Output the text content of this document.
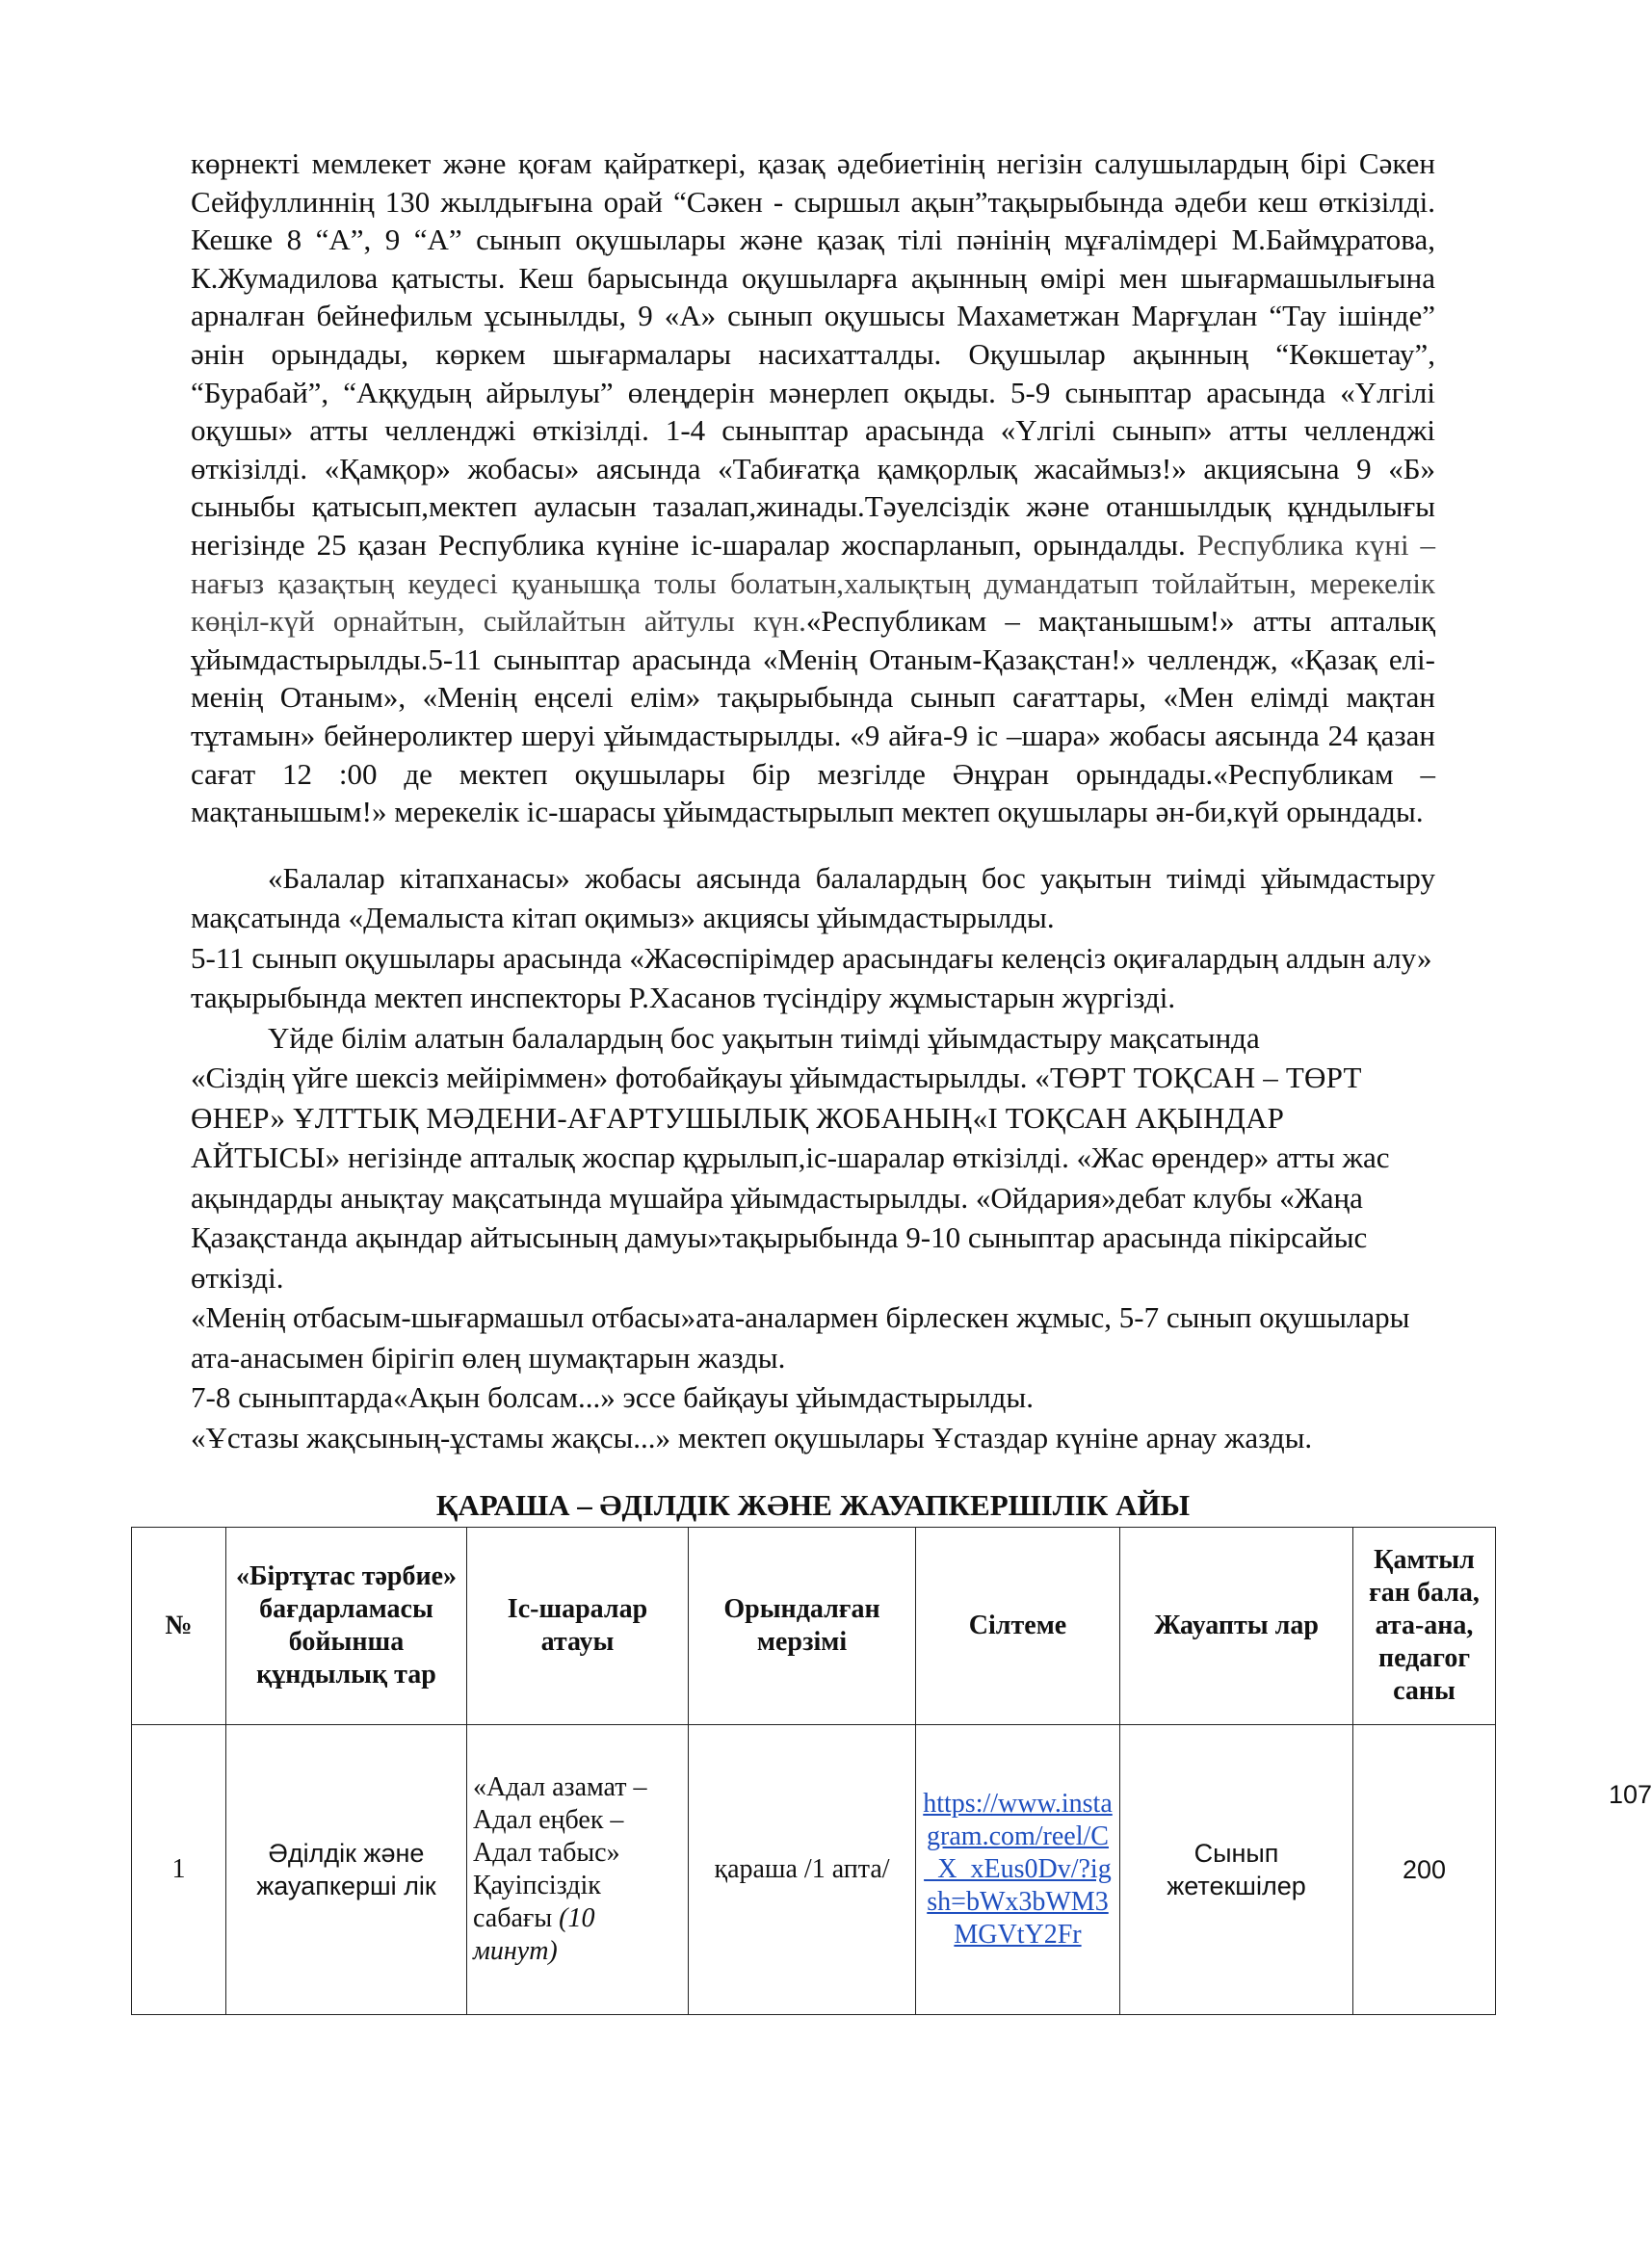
көрнекті мемлекет және қоғам қайраткері, қазақ әдебиетінің негізін салушылардың бірі Сәкен Сейфуллиннің 130 жылдығына орай “Сәкен - сыршыл ақын”тақырыбында әдеби кеш өткізілді. Кешке 8 “А”, 9 “А” сынып оқушылары және қазақ тілі пәнінің мұғалімдері М.Баймұратова, К.Жумадилова қатысты. Кеш барысында оқушыларға ақынның өмірі мен шығармашылығына арналған бейнефильм ұсынылды, 9 «А» сынып оқушысы Махаметжан Марғұлан “Тау ішінде” әнін орындады, көркем шығармалары насихатталды. Оқушылар ақынның “Көкшетау”, “Бурабай”, “Аққудың айрылуы” өлеңдерін мәнерлеп оқыды. 5-9 сыныптар арасында «Үлгілі оқушы» атты челленджі өткізілді. 1-4 сыныптар арасында «Үлгілі сынып» атты челленджі өткізілді. «Қамқор» жобасы» аясында «Табиғатқа қамқорлық жасаймыз!» акциясына 9 «Б» сыныбы қатысып,мектеп ауласын тазалап,жинады.Тәуелсіздік және отаншылдық құндылығы негізінде 25 қазан Республика күніне іс-шаралар жоспарланып, орындалды. Республика күні –нағыз қазақтың кеудесі қуанышқа толы болатын,халықтың думандатып тойлайтын, мерекелік көңіл-күй орнайтын, сыйлайтын айтулы күн.«Республикам – мақтанышым!» атты апталық ұйымдастырылды.5-11 сыныптар арасында «Менің Отаным-Қазақстан!» челлендж, «Қазақ елі-менің Отаным», «Менің еңселі елім» тақырыбында сынып сағаттары, «Мен елімді мақтан тұтамын» бейнероликтер шеруі ұйымдастырылды. «9 айға-9 іс –шара» жобасы аясында 24 қазан сағат 12 :00 де мектеп оқушылары бір мезгілде Әнұран орындады.«Республикам – мақтанышым!» мерекелік іс-шарасы ұйымдастырылып мектеп оқушылары ән-би,күй орындады.

«Балалар кітапханасы» жобасы аясында балалардың бос уақытын тиімді ұйымдастыру мақсатында «Демалыста кітап оқимыз» акциясы ұйымдастырылды.

5-11 сынып оқушылары арасында «Жасөспірімдер арасындағы келеңсіз оқиғалардың алдын алу» тақырыбында мектеп инспекторы Р.Хасанов түсіндіру жұмыстарын жүргізді.

Үйде білім алатын балалардың бос уақытын тиімді ұйымдастыру мақсатында

«Сіздің үйге шексіз мейіріммен» фотобайқауы ұйымдастырылды. «ТӨРТ ТОҚСАН – ТӨРТ ӨНЕР» ҰЛТТЫҚ МӘДЕНИ-АҒАРТУШЫЛЫҚ ЖОБАНЫҢ«І ТОҚСАН АҚЫНДАР АЙТЫСЫ» негізінде апталық жоспар құрылып,іс-шаралар өткізілді. «Жас өрендер» атты жас ақындарды анықтау мақсатында мүшайра ұйымдастырылды. «Ойдария»дебат клубы «Жаңа Қазақстанда ақындар айтысының дамуы»тақырыбында 9-10 сыныптар арасында пікірсайыс өткізді.

«Менің отбасым-шығармашыл отбасы»ата-аналармен бірлескен жұмыс, 5-7 сынып оқушылары ата-анасымен бірігіп өлең шумақтарын жазды.

7-8 сыныптарда«Ақын болсам...» эссе байқауы ұйымдастырылды.

«Ұстазы жақсының-ұстамы жақсы...» мектеп оқушылары Ұстаздар күніне арнау жазды.

ҚАРАША – ӘДІЛДІК ЖӘНЕ ЖАУАПКЕРШІЛІК АЙЫ
№	«Біртұтас тәрбие» бағдарламасы бойынша құндылық тар	Іс-шаралар атауы	Орындалған мерзімі	Сілтеме	Жауапты лар	Қамтыл ған бала, ата-ана, педагог саны
1	Әділдік және жауапкерші лік	«Адал азамат – Адал еңбек – Адал табыс» Қауіпсіздік сабағы (10 минут)	қараша /1 апта/	https://www.instagram.com/reel/C_X_xEus0Dv/?igsh=bWx3bWM3MGVtY2Fr	Сынып жетекшілер	200
107
